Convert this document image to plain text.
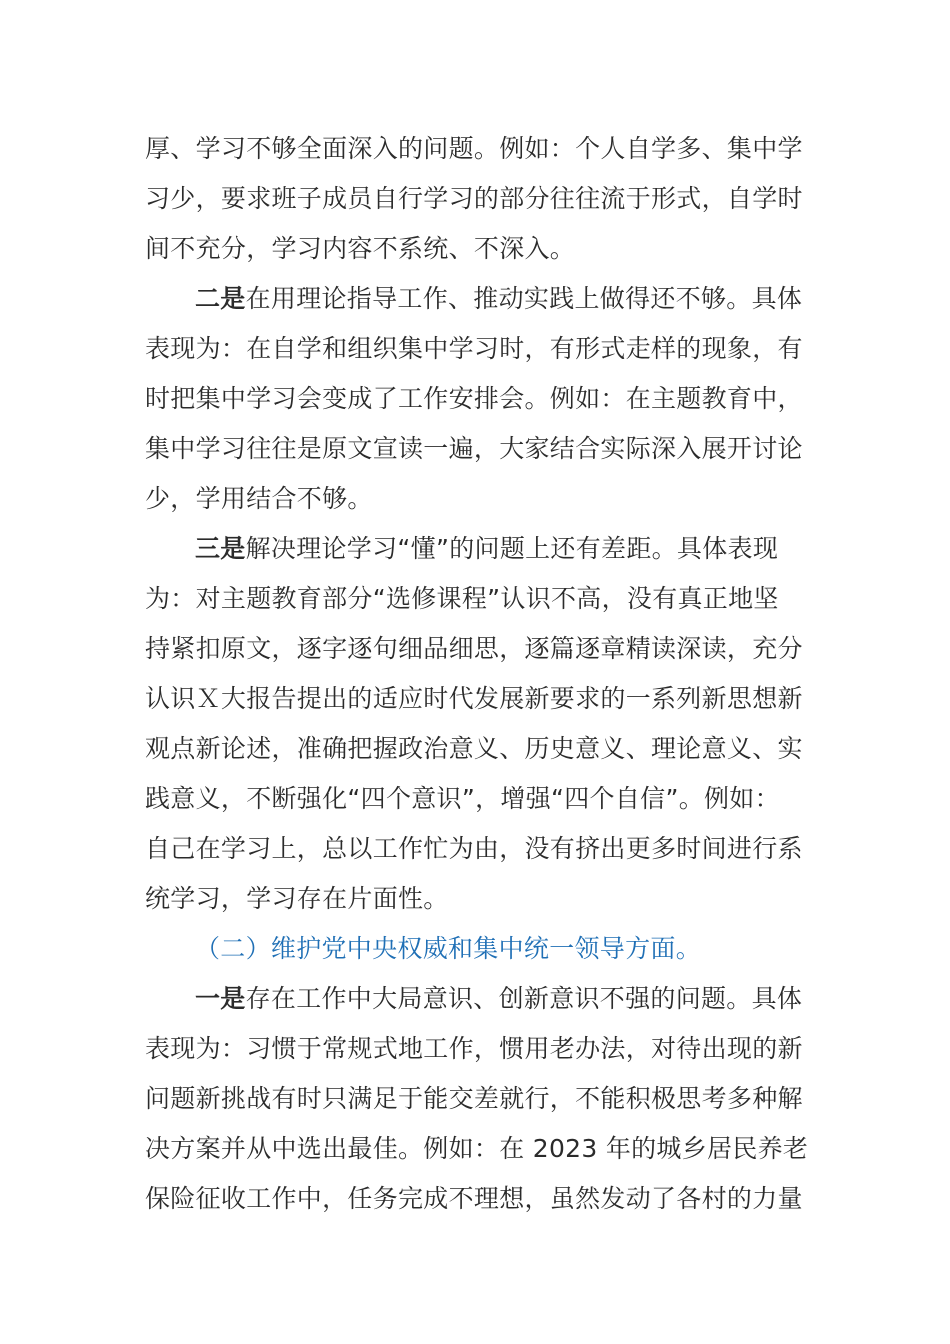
厚、学习不够全面深入的问题。例如：个人自学多、集中学
习少，要求班子成员自行学习的部分往往流于形式，自学时
间不充分，学习内容不系统、不深入。
二是在用理论指导工作、推动实践上做得还不够。具体
表现为：在自学和组织集中学习时，有形式走样的现象，有
时把集中学习会变成了工作安排会。例如：在主题教育中，
集中学习往往是原文宣读一遍，大家结合实际深入展开讨论
少，学用结合不够。
三是解决理论学习“懂”的问题上还有差距。具体表现
为：对主题教育部分“选修课程”认识不高，没有真正地坚
持紧扣原文，逐字逐句细品细思，逐篇逐章精读深读，充分
认识Ｘ大报告提出的适应时代发展新要求的一系列新思想新
观点新论述，准确把握政治意义、历史意义、理论意义、实
践意义，不断强化“四个意识”，增强“四个自信”。例如：
自己在学习上，总以工作忙为由，没有挤出更多时间进行系
统学习，学习存在片面性。
（二）维护党中央权威和集中统一领导方面。
一是存在工作中大局意识、创新意识不强的问题。具体
表现为：习惯于常规式地工作，惯用老办法，对待出现的新
问题新挑战有时只满足于能交差就行，不能积极思考多种解
决方案并从中选出最佳。例如：在 2023 年的城乡居民养老
保险征收工作中，任务完成不理想，虽然发动了各村的力量
